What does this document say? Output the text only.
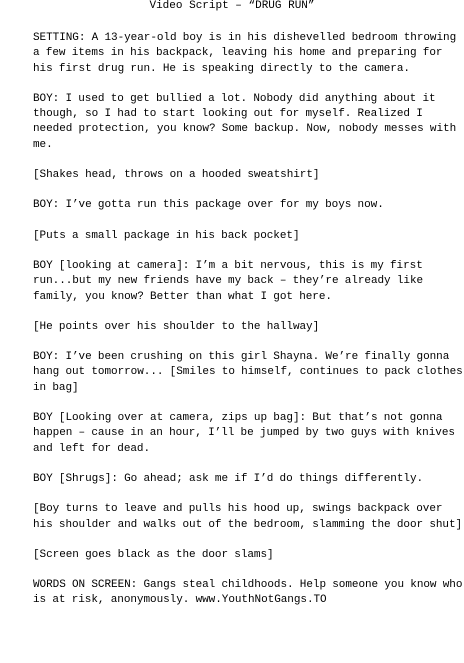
Video Script – “DRUG RUN”

SETTING: A 13-year-old boy is in his dishevelled bedroom throwing a few items in his backpack, leaving his home and preparing for his first drug run. He is speaking directly to the camera.

BOY: I used to get bullied a lot. Nobody did anything about it though, so I had to start looking out for myself. Realized I needed protection, you know? Some backup. Now, nobody messes with me.

[Shakes head, throws on a hooded sweatshirt]

BOY: I’ve gotta run this package over for my boys now.

[Puts a small package in his back pocket]

BOY [looking at camera]: I’m a bit nervous, this is my first run...but my new friends have my back – they’re already like family, you know? Better than what I got here.

[He points over his shoulder to the hallway]

BOY: I’ve been crushing on this girl Shayna. We’re finally gonna hang out tomorrow... [Smiles to himself, continues to pack clothes in bag]

BOY [Looking over at camera, zips up bag]: But that’s not gonna happen – cause in an hour, I’ll be jumped by two guys with knives and left for dead.

BOY [Shrugs]: Go ahead; ask me if I’d do things differently.

[Boy turns to leave and pulls his hood up, swings backpack over his shoulder and walks out of the bedroom, slamming the door shut]

[Screen goes black as the door slams]

WORDS ON SCREEN: Gangs steal childhoods. Help someone you know who is at risk, anonymously. www.YouthNotGangs.TO
